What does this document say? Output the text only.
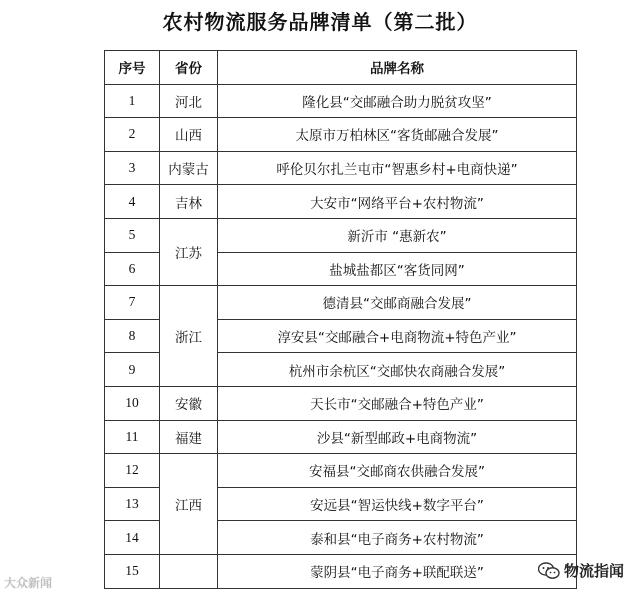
农村物流服务品牌清单（第二批）
序号	省份	品牌名称
1	河北	隆化县“交邮融合助力脱贫攻坚”
2	山西	太原市万柏林区“客货邮融合发展”
3	内蒙古	呼伦贝尔扎兰屯市“智惠乡村+电商快递”
4	吉林	大安市“网络平台+农村物流”
5	江苏	新沂市 “惠新农”
6		盐城盐都区“客货同网”
7	浙江	德清县“交邮商融合发展”
8		淳安县“交邮融合+电商物流+特色产业”
9		杭州市余杭区“交邮快农商融合发展”
10	安徽	天长市“交邮融合+特色产业”
11	福建	沙县“新型邮政+电商物流”
12	江西	安福县“交邮商农供融合发展”
13		安远县“智运快线+数字平台”
14		泰和县“电子商务+农村物流”
15		蒙阴县“电子商务+联配联送”
大众新闻
物流指闻
